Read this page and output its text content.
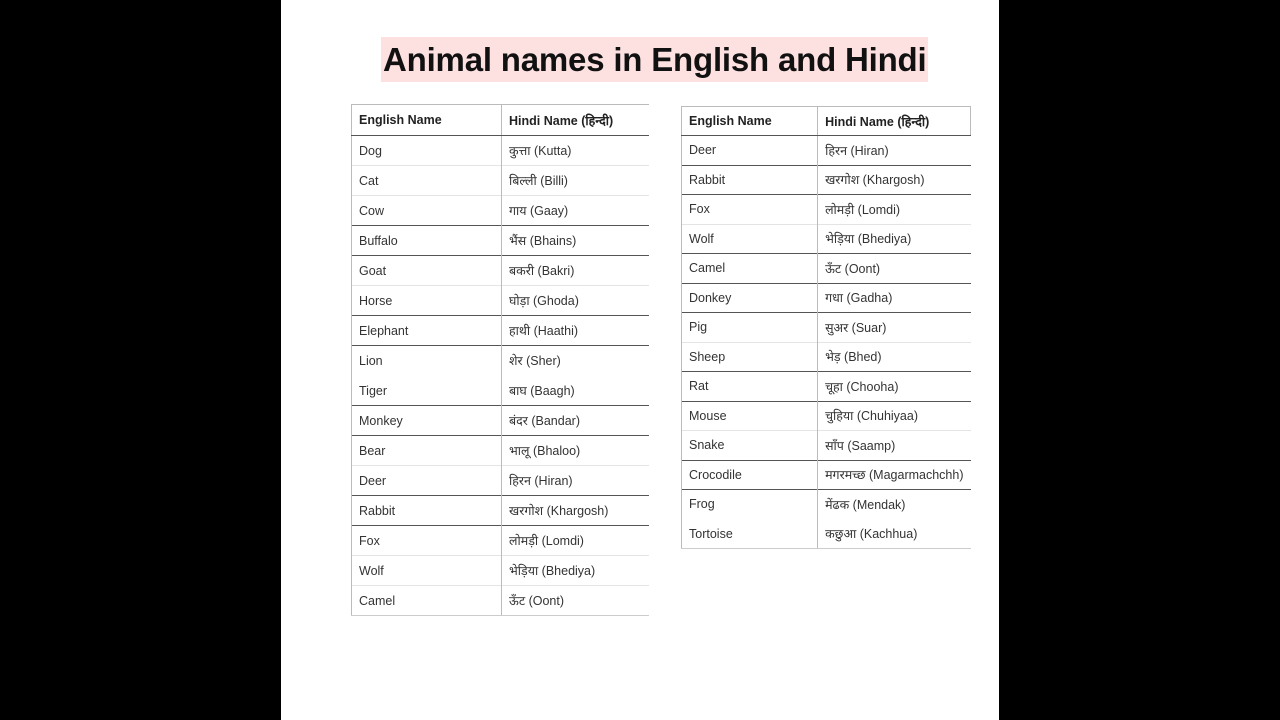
Animal names in English and Hindi
English Name	Hindi Name (हिन्दी)
Dog	कुत्ता (Kutta)
Cat	बिल्ली (Billi)
Cow	गाय (Gaay)
Buffalo	भैंस (Bhains)
Goat	बकरी (Bakri)
Horse	घोड़ा (Ghoda)
Elephant	हाथी (Haathi)
Lion	शेर (Sher)
Tiger	बाघ (Baagh)
Monkey	बंदर (Bandar)
Bear	भालू (Bhaloo)
Deer	हिरन (Hiran)
Rabbit	खरगोश (Khargosh)
Fox	लोमड़ी (Lomdi)
Wolf	भेड़िया (Bhediya)
Camel	ऊँट (Oont)
English Name	Hindi Name (हिन्दी)
Deer	हिरन (Hiran)
Rabbit	खरगोश (Khargosh)
Fox	लोमड़ी (Lomdi)
Wolf	भेड़िया (Bhediya)
Camel	ऊँट (Oont)
Donkey	गधा (Gadha)
Pig	सुअर (Suar)
Sheep	भेड़ (Bhed)
Rat	चूहा (Chooha)
Mouse	चुहिया (Chuhiyaa)
Snake	साँप (Saamp)
Crocodile	मगरमच्छ (Magarmachchh)
Frog	मेंढक (Mendak)
Tortoise	कछुआ (Kachhua)
